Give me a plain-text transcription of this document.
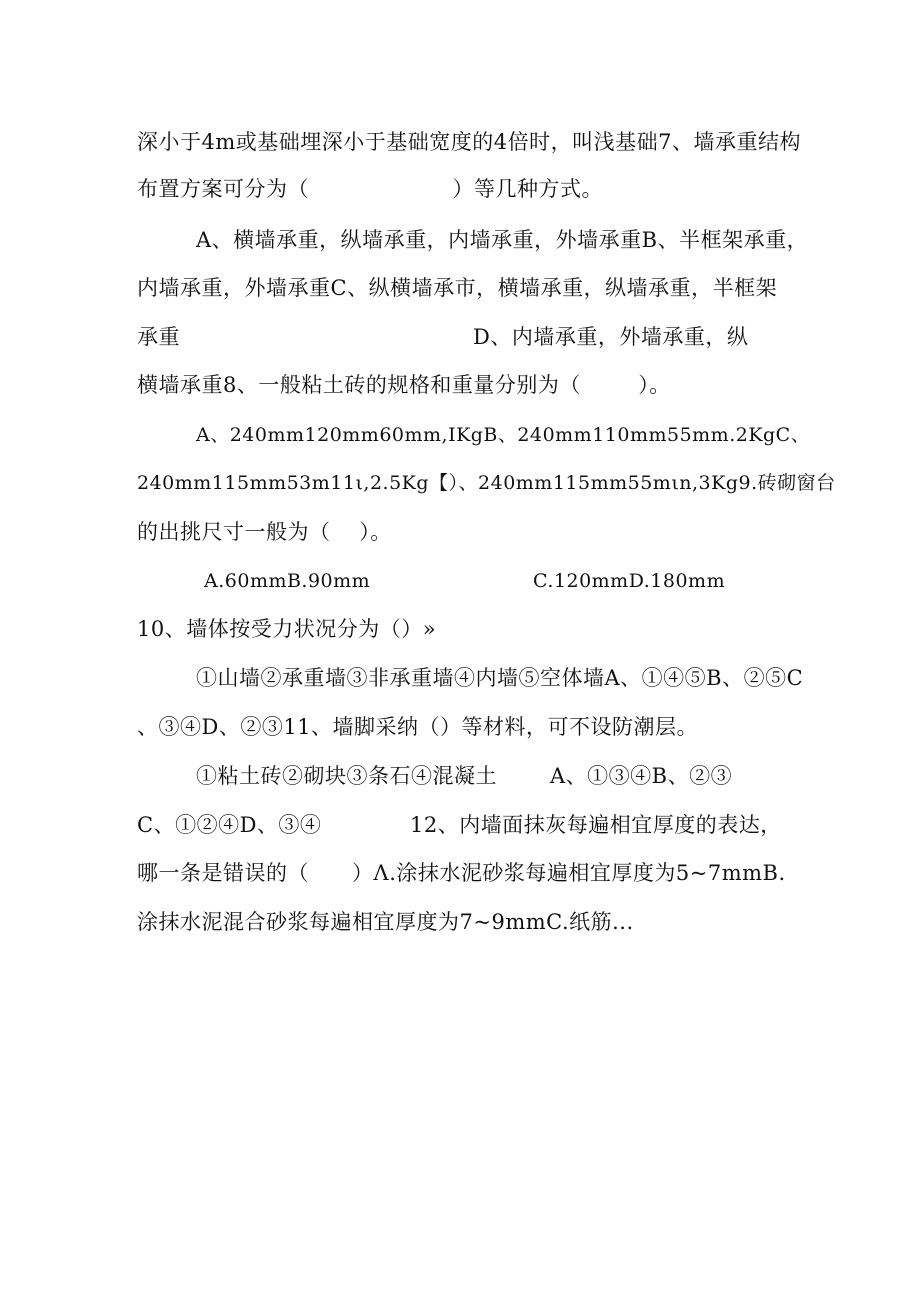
深小于4m或基础埋深小于基础宽度的4倍时，叫浅基础7、墙承重结构
布置方案可分为（                    ）等几种方式。
A、横墙承重，纵墙承重，内墙承重，外墙承重B、半框架承重，
内墙承重，外墙承重C、纵横墙承市，横墙承重，纵墙承重，半框架
承重	D、内墙承重，外墙承重，纵
横墙承重8、一般粘土砖的规格和重量分别为（        ）。
A、240mm120mm60mm,IKgB、240mm110mm55mm.2KgC、
240mm115mm53m11ι,2.5Kg【）、240mm115mm55mιn,3Kg9.砖砌窗台
的出挑尺寸一般为（    ）。
A.60mmB.90mm	C.120mmD.180mm
10、墙体按受力状况分为（）»
①山墙②承重墙③非承重墙④内墙⑤空体墙A、①④⑤B、②⑤C
、③④D、②③11、墙脚采纳（）等材料，可不设防潮层。
①粘土砖②砌块③条石④混凝土	A、①③④B、②③
C、①②④D、③④	12、内墙面抹灰每遍相宜厚度的表达，
哪一条是错误的（      ）Λ.涂抹水泥砂浆每遍相宜厚度为5~7mmB.
涂抹水泥混合砂浆每遍相宜厚度为7~9mmC.纸筋...
